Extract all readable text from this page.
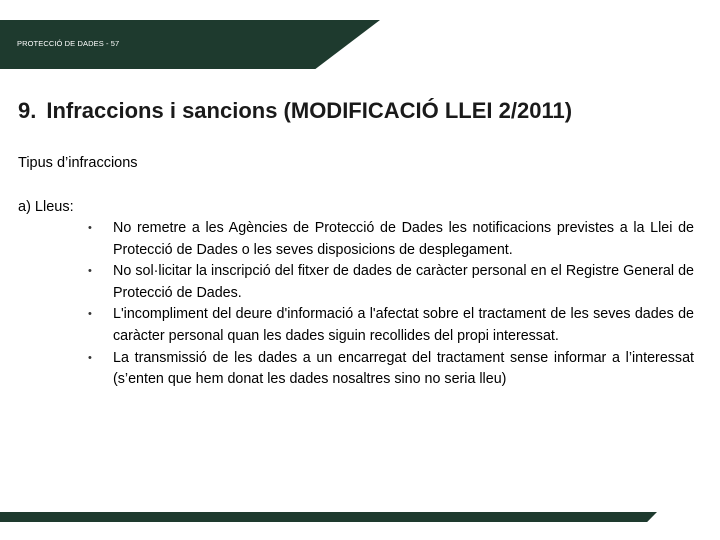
PROTECCIÓ DE DADES - 57
9. Infraccions i sancions (MODIFICACIÓ LLEI 2/2011)
Tipus d’infraccions
a) Lleus:
• No remetre a les Agències de Protecció de Dades les notificacions previstes a la Llei de Protecció de Dades o les seves disposicions de desplegament.
• No sol·licitar la inscripció del fitxer de dades de caràcter personal en el Registre General de Protecció de Dades.
• L'incompliment del deure d'informació a l'afectat sobre el tractament de les seves dades de caràcter personal quan les dades siguin recollides del propi interessat.
• La transmissió de les dades a un encarregat del tractament sense informar a l’interessat (s’enten que hem donat les dades nosaltres sino no seria lleu)
